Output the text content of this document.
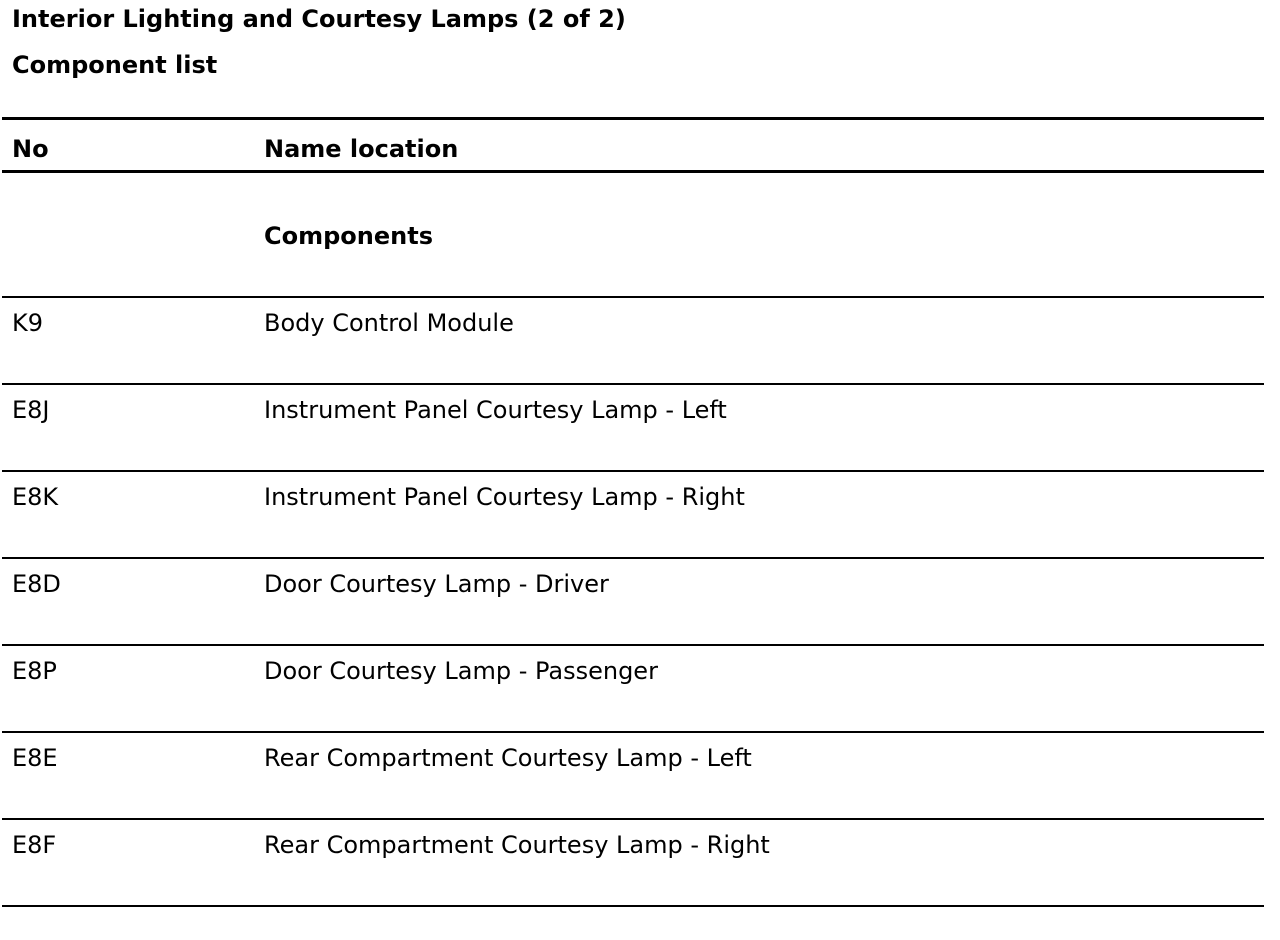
Interior Lighting and Courtesy Lamps (2 of 2)
Component list
No	Name location
	Components
K9	Body Control Module
E8J	Instrument Panel Courtesy Lamp - Left
E8K	Instrument Panel Courtesy Lamp - Right
E8D	Door Courtesy Lamp - Driver
E8P	Door Courtesy Lamp - Passenger
E8E	Rear Compartment Courtesy Lamp - Left
E8F	Rear Compartment Courtesy Lamp - Right
